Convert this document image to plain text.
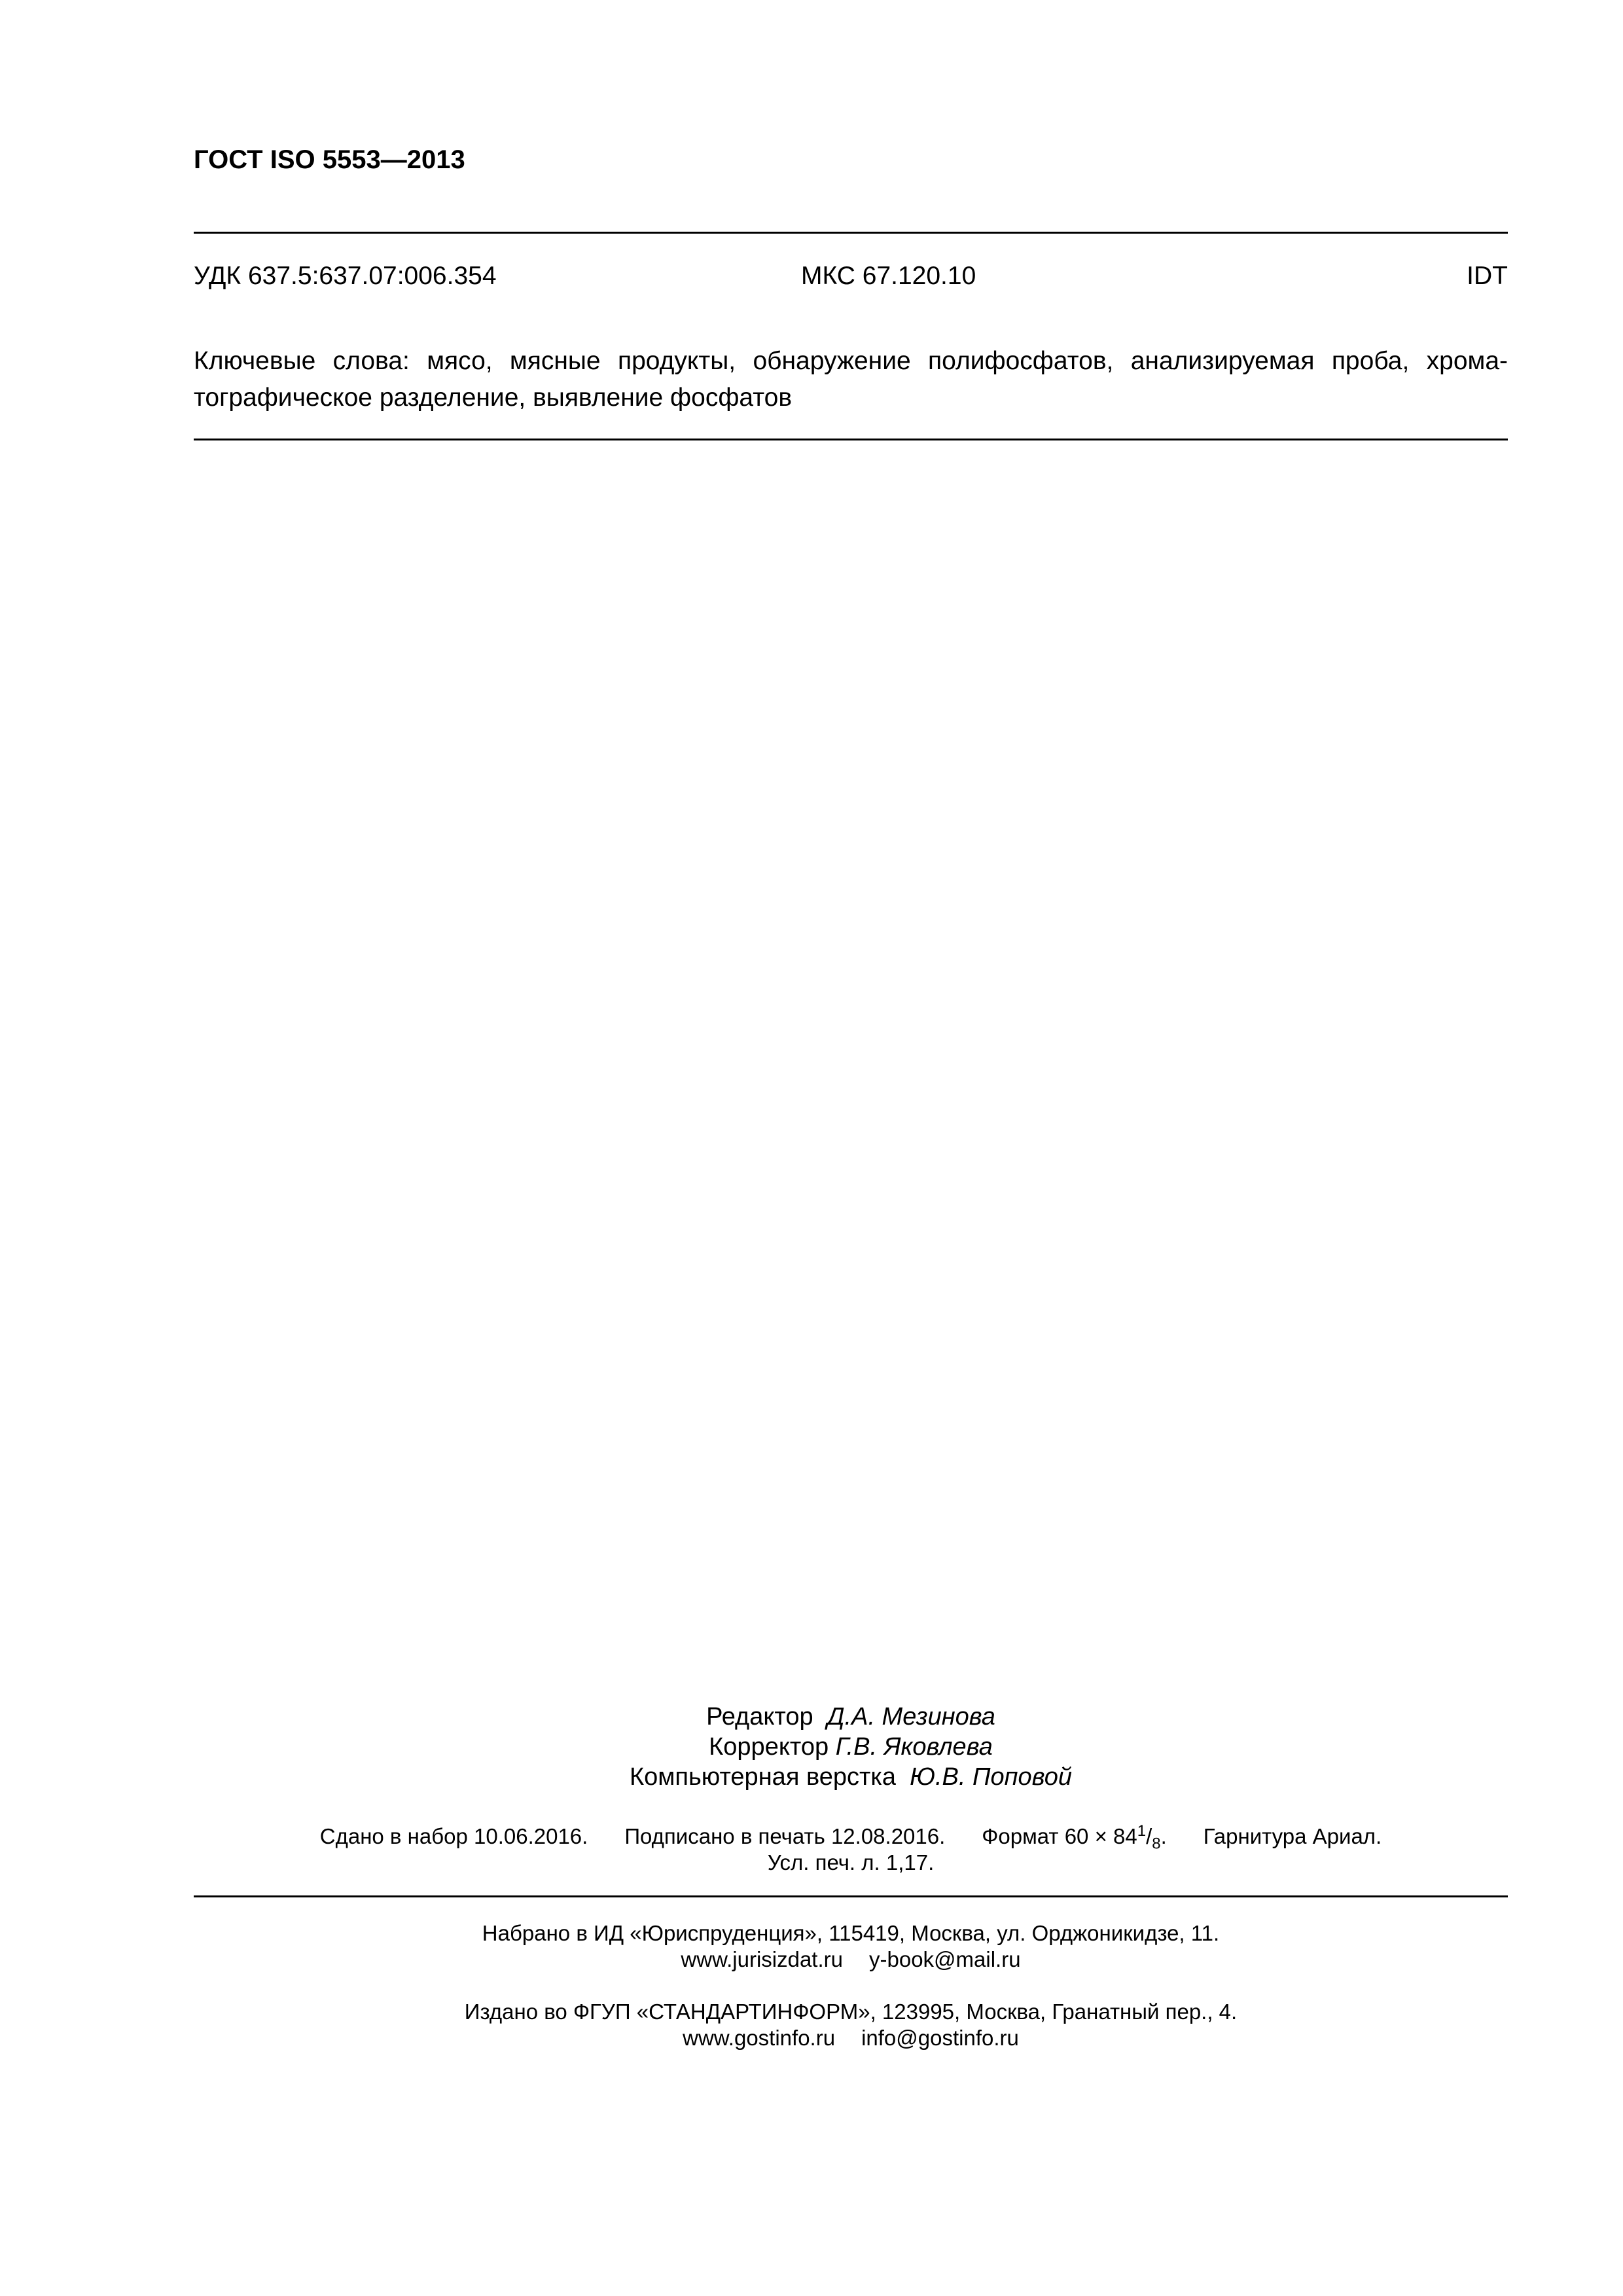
ГОСТ ISO 5553—2013
УДК 637.5:637.07:006.354	МКС 67.120.10	IDT
Ключевые слова: мясо, мясные продукты, обнаружение полифосфатов, анализируемая проба, хрома-
тографическое разделение, выявление фосфатов
Редактор Д.А. Мезинова
Корректор Г.В. Яковлева
Компьютерная верстка Ю.В. Поповой
Сдано в набор 10.06.2016. Подписано в печать 12.08.2016. Формат $60 \times 84^1/_8$. Гарнитура Ариал.
Усл. печ. л. 1,17.
Набрано в ИД «Юриспруденция», 115419, Москва, ул. Орджоникидзе, 11.
www.jurisizdat.ru y-book@mail.ru
Издано во ФГУП «СТАНДАРТИНФОРМ», 123995, Москва, Гранатный пер., 4.
www.gostinfo.ru info@gostinfo.ru
